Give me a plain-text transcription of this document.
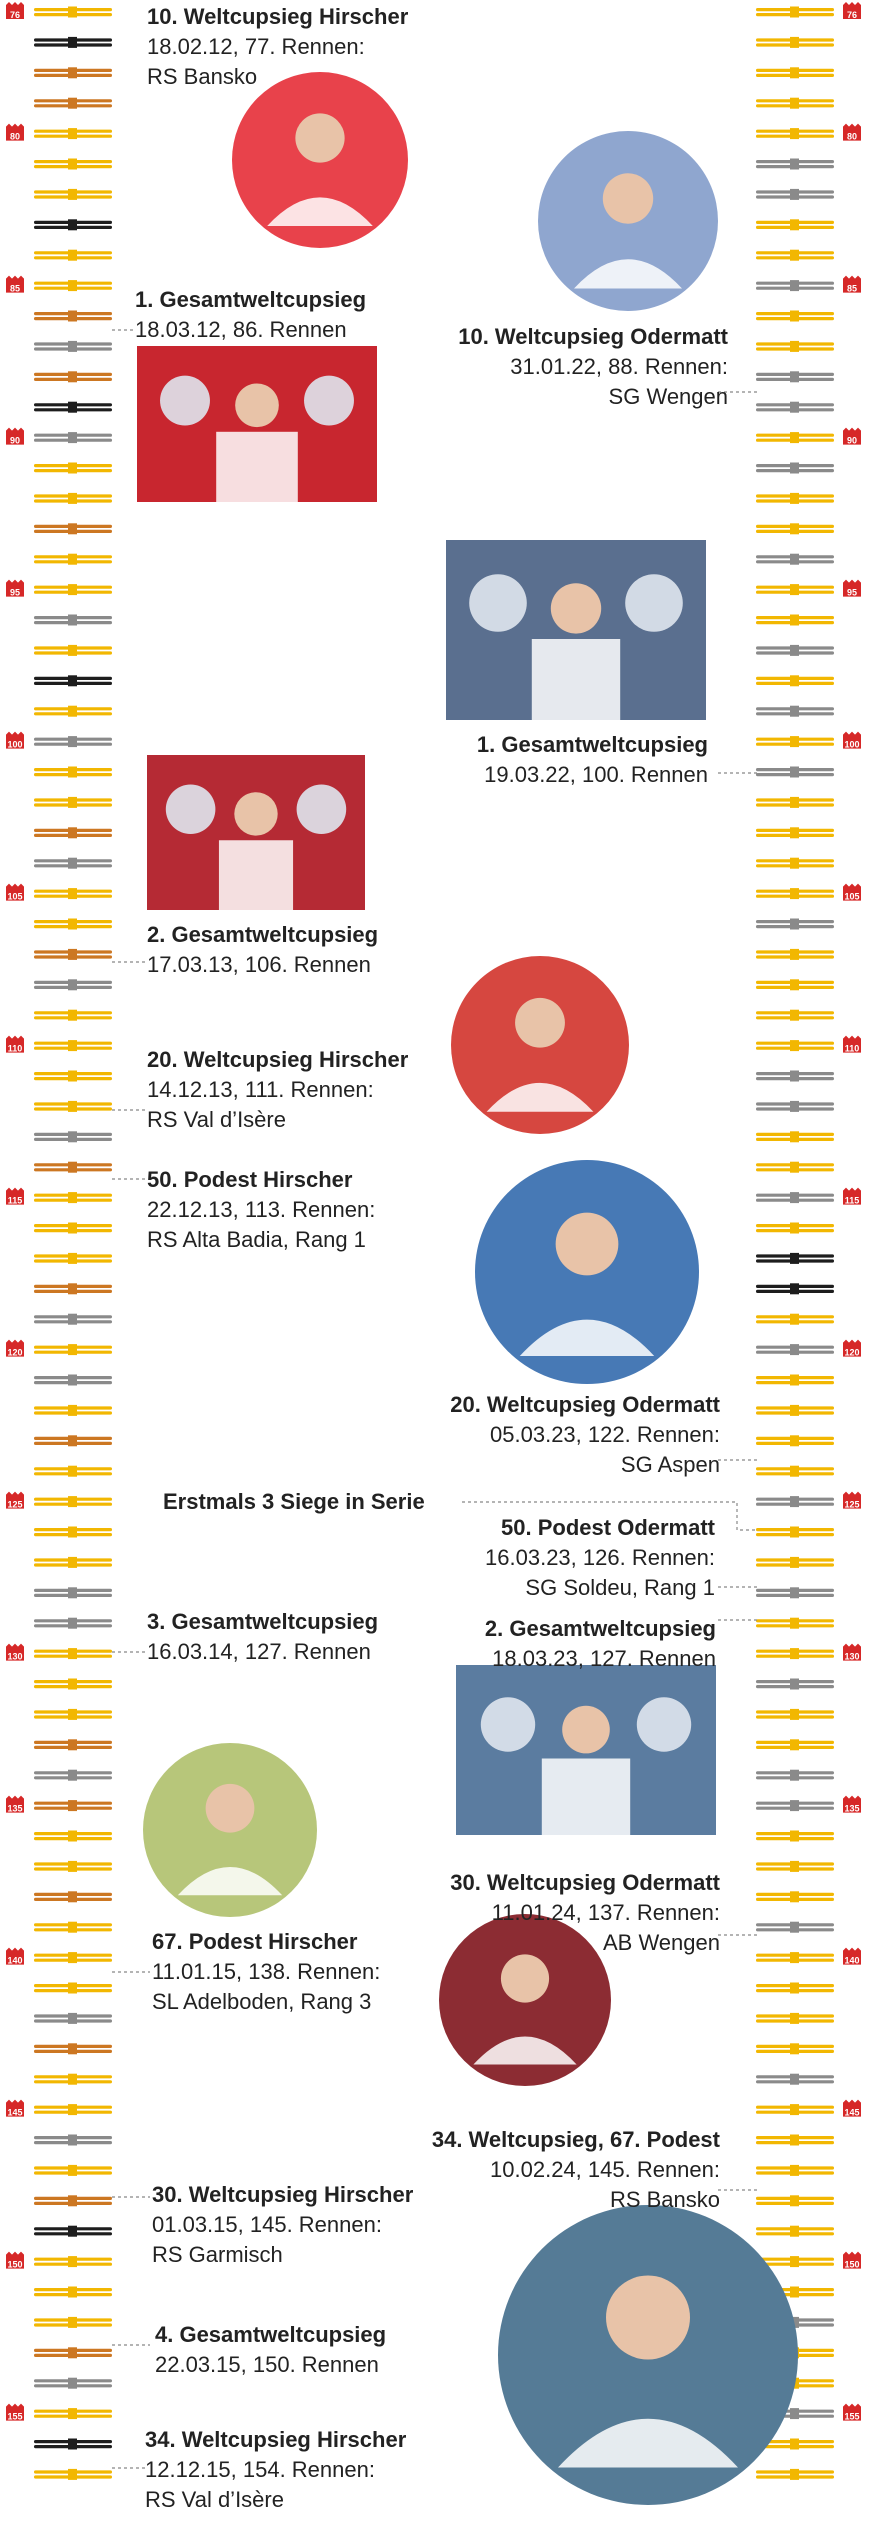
76	76
80	80
85	85
90	90
95	95
100	100
105	105
110	110
115	115
120	120
125	125
130	130
135	135
140	140
145	145
150	150
155	155
10. Weltcupsieg Hirscher
18.02.12, 77. Rennen:
RS Bansko
1. Gesamtweltcupsieg
18.03.12, 86. Rennen
2. Gesamtweltcupsieg
17.03.13, 106. Rennen
20. Weltcupsieg Hirscher
14.12.13, 111. Rennen:
RS Val d’Isère
50. Podest Hirscher
22.12.13, 113. Rennen:
RS Alta Badia, Rang 1
3. Gesamtweltcupsieg
16.03.14, 127. Rennen
67. Podest Hirscher
11.01.15, 138. Rennen:
SL Adelboden, Rang 3
30. Weltcupsieg Hirscher
01.03.15, 145. Rennen:
RS Garmisch
4. Gesamtweltcupsieg
22.03.15, 150. Rennen
34. Weltcupsieg Hirscher
12.12.15, 154. Rennen:
RS Val d’Isère
10. Weltcupsieg Odermatt
31.01.22, 88. Rennen:
SG Wengen
1. Gesamtweltcupsieg
19.03.22, 100. Rennen
20. Weltcupsieg Odermatt
05.03.23, 122. Rennen:
SG Aspen
Erstmals 3 Siege in Serie
50. Podest Odermatt
16.03.23, 126. Rennen:
SG Soldeu, Rang 1
2. Gesamtweltcupsieg
18.03.23, 127. Rennen
30. Weltcupsieg Odermatt
11.01.24, 137. Rennen:
AB Wengen
34. Weltcupsieg, 67. Podest
10.02.24, 145. Rennen:
RS Bansko
